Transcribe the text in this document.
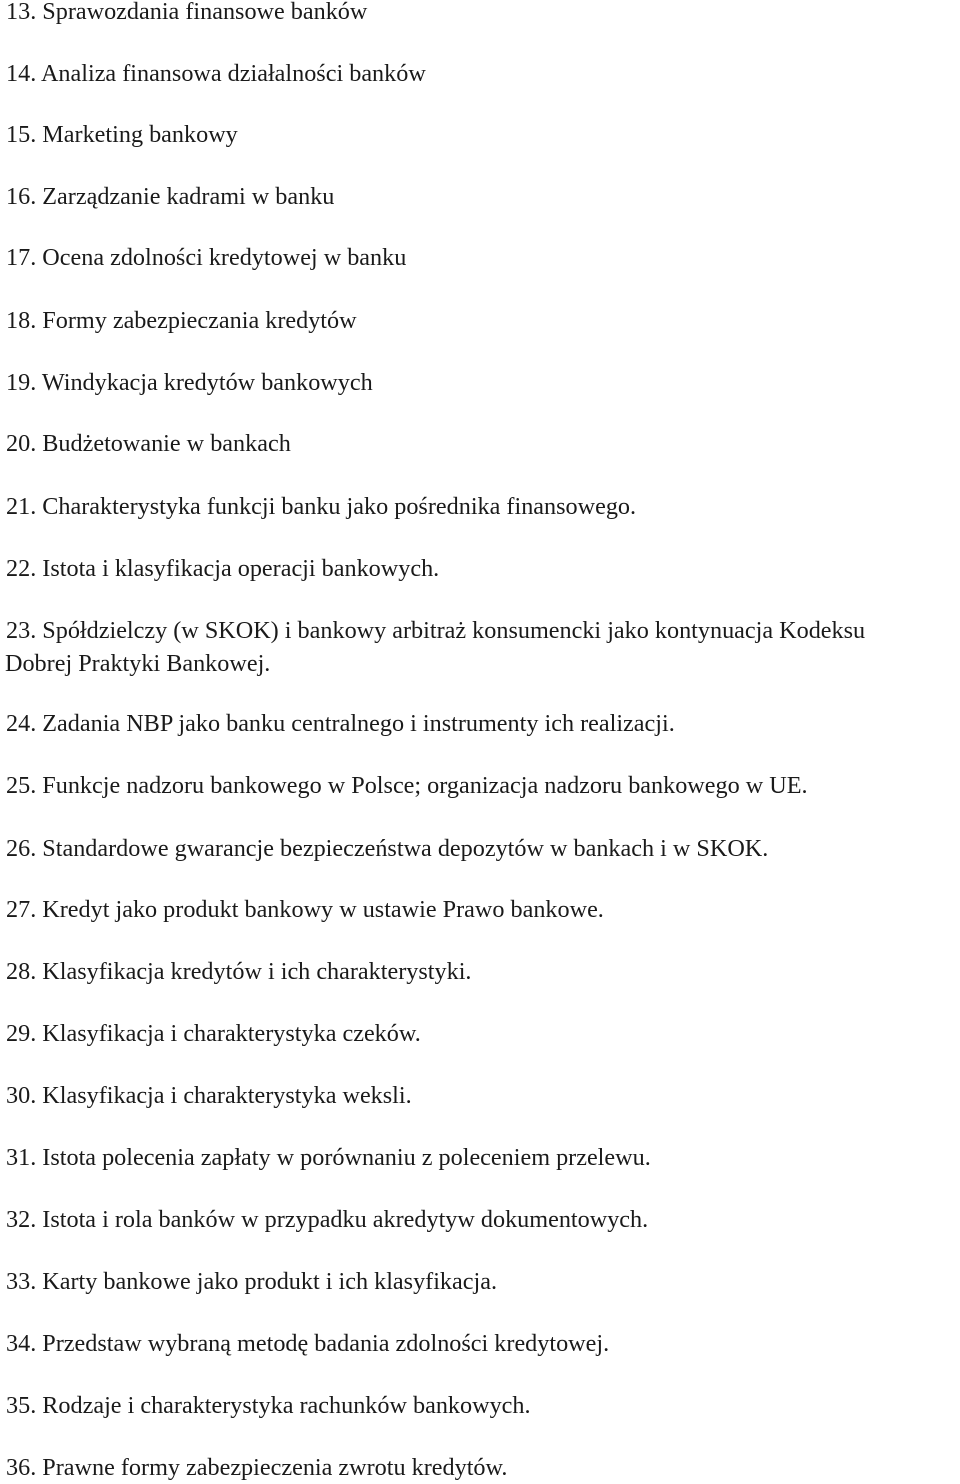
13. Sprawozdania finansowe banków
14. Analiza finansowa działalności banków
15. Marketing bankowy
16. Zarządzanie kadrami w banku
17. Ocena zdolności kredytowej w banku
18. Formy zabezpieczania kredytów
19. Windykacja kredytów bankowych
20. Budżetowanie w bankach
21. Charakterystyka funkcji banku jako pośrednika finansowego.
22. Istota i klasyfikacja operacji bankowych.
23. Spółdzielczy (w SKOK) i bankowy arbitraż konsumencki jako kontynuacja Kodeksu
Dobrej Praktyki Bankowej.
24. Zadania NBP jako banku centralnego i instrumenty ich realizacji.
25. Funkcje nadzoru bankowego w Polsce; organizacja nadzoru bankowego w UE.
26. Standardowe gwarancje bezpieczeństwa depozytów w bankach i w SKOK.
27. Kredyt jako produkt bankowy w ustawie Prawo bankowe.
28. Klasyfikacja kredytów i ich charakterystyki.
29. Klasyfikacja i charakterystyka czeków.
30. Klasyfikacja i charakterystyka weksli.
31. Istota polecenia zapłaty w porównaniu z poleceniem przelewu.
32. Istota i rola banków w przypadku akredytyw dokumentowych.
33. Karty bankowe jako produkt i ich klasyfikacja.
34. Przedstaw wybraną metodę badania zdolności kredytowej.
35. Rodzaje i charakterystyka rachunków bankowych.
36. Prawne formy zabezpieczenia zwrotu kredytów.
